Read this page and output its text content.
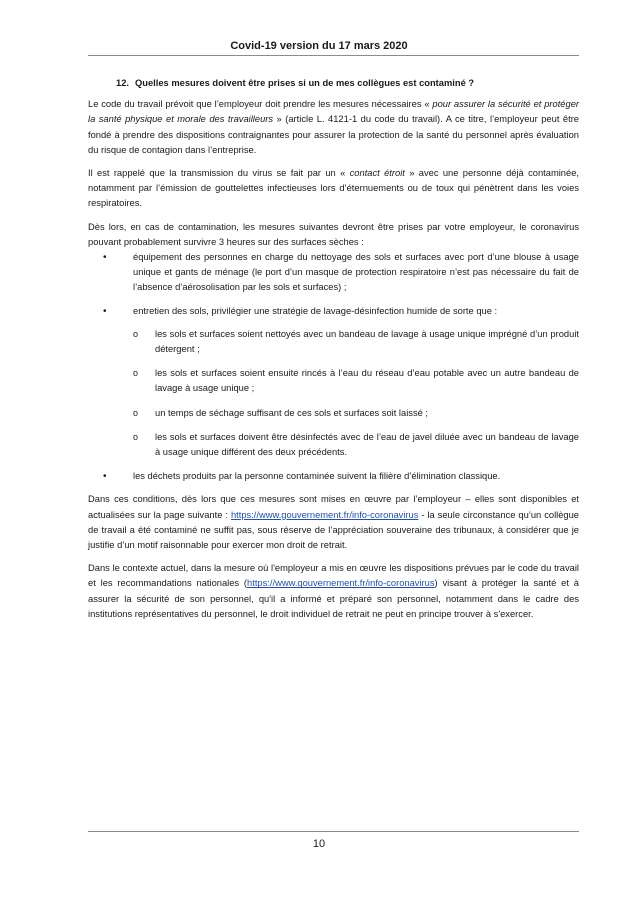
Covid-19 version du 17 mars 2020
12. Quelles mesures doivent être prises si un de mes collègues est contaminé ?

Le code du travail prévoit que l’employeur doit prendre les mesures nécessaires « pour assurer la sécurité et protéger la santé physique et morale des travailleurs » (article L. 4121-1 du code du travail). A ce titre, l’employeur peut être fondé à prendre des dispositions contraignantes pour assurer la protection de la santé du personnel après évaluation du risque de contagion dans l’entreprise.

Il est rappelé que la transmission du virus se fait par un « contact étroit » avec une personne déjà contaminée, notamment par l’émission de gouttelettes infectieuses lors d’éternuements ou de toux qui pénètrent dans les voies respiratoires.

Dès lors, en cas de contamination, les mesures suivantes devront être prises par votre employeur, le coronavirus pouvant probablement survivre 3 heures sur des surfaces sèches :

•	équipement des personnes en charge du nettoyage des sols et surfaces avec port d’une blouse à usage unique et gants de ménage (le port d’un masque de protection respiratoire n’est pas nécessaire du fait de l’absence d’aérosolisation par les sols et surfaces) ;
•	entretien des sols, privilégier une stratégie de lavage-désinfection humide de sorte que :
o les sols et surfaces soient nettoyés avec un bandeau de lavage à usage unique imprégné d’un produit détergent ;
o les sols et surfaces soient ensuite rincés à l’eau du réseau d’eau potable avec un autre bandeau de lavage à usage unique ;
o un temps de séchage suffisant de ces sols et surfaces soit laissé ;
o les sols et surfaces doivent être désinfectés avec de l’eau de javel diluée avec un bandeau de lavage à usage unique différent des deux précédents.
•	les déchets produits par la personne contaminée suivent la filière d’élimination classique.

Dans ces conditions, dès lors que ces mesures sont mises en œuvre par l’employeur – elles sont disponibles et actualisées sur la page suivante : https://www.gouvernement.fr/info-coronavirus - la seule circonstance qu’un collègue de travail a été contaminé ne suffit pas, sous réserve de l’appréciation souveraine des tribunaux, à considérer que je justifie d’un motif raisonnable pour exercer mon droit de retrait.

Dans le contexte actuel, dans la mesure où l'employeur a mis en œuvre les dispositions prévues par le code du travail et les recommandations nationales (https://www.gouvernement.fr/info-coronavirus) visant à protéger la santé et à assurer la sécurité de son personnel, qu'il a informé et préparé son personnel, notamment dans le cadre des institutions représentatives du personnel, le droit individuel de retrait ne peut en principe trouver à s'exercer.

10
